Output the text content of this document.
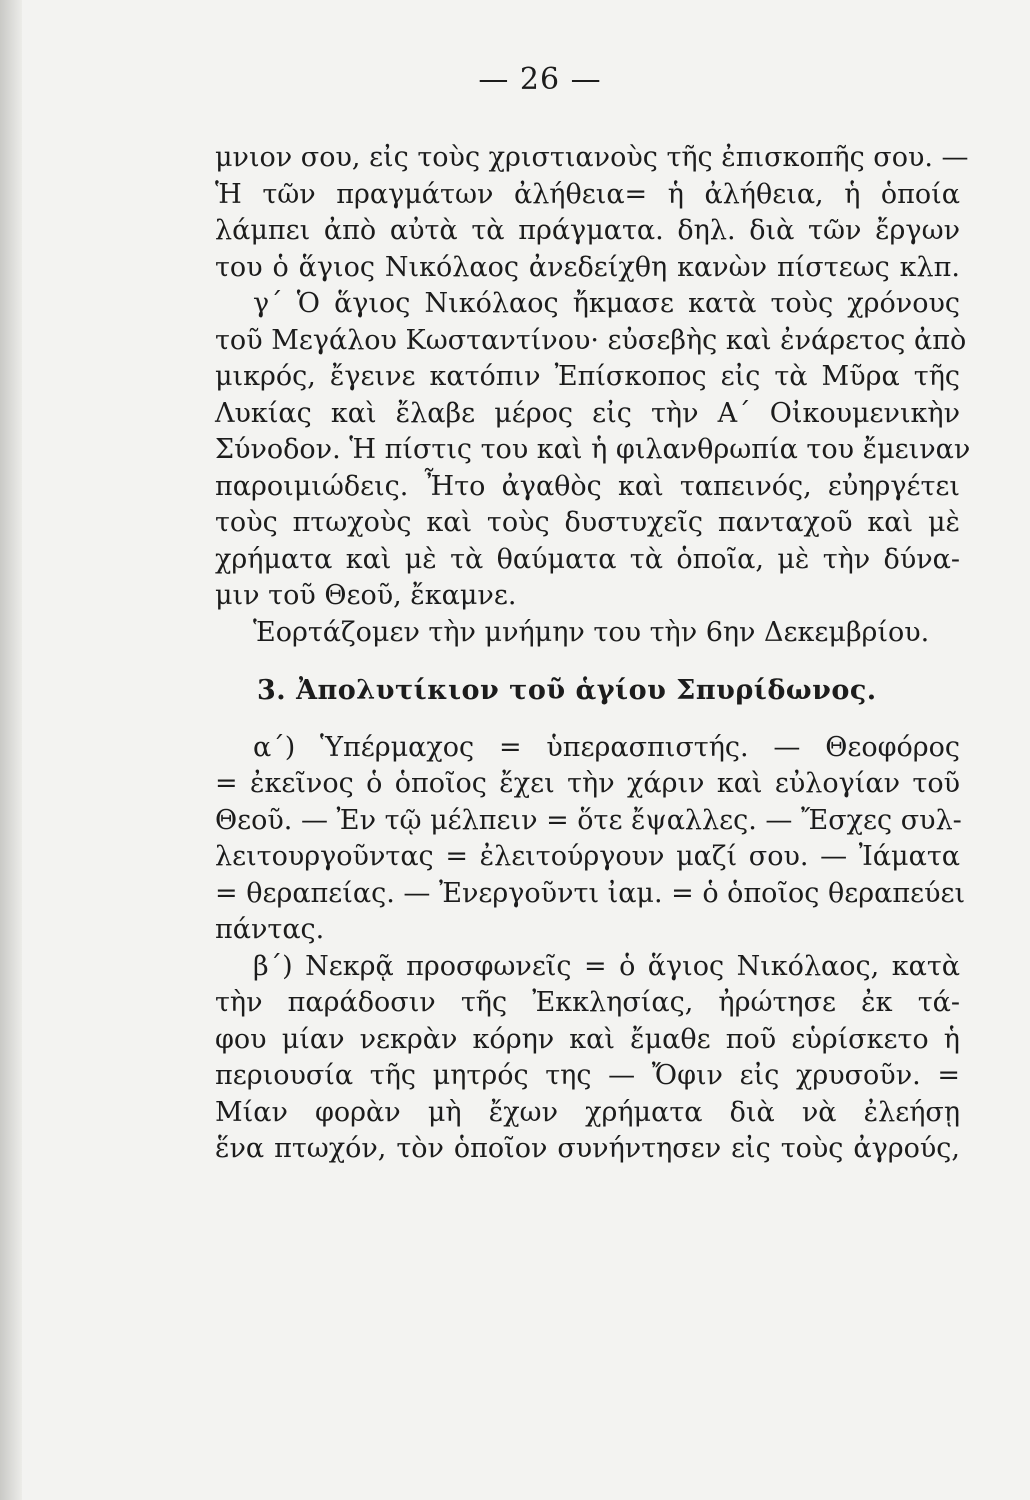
— 26 —
μνιον σου, εἰς τοὺς χριστιανοὺς τῆς ἐπισκοπῆς σου. —
Ἡ τῶν πραγμάτων ἀλήθεια= ἡ ἀλήθεια, ἡ ὁποία
λάμπει ἀπὸ αὐτὰ τὰ πράγματα. δηλ. διὰ τῶν ἔργων
του ὁ ἅγιος Νικόλαος ἀνεδείχθη κανὼν πίστεως κλπ.
γ΄ Ὁ ἅγιος Νικόλαος ἤκμασε κατὰ τοὺς χρόνους
τοῦ Μεγάλου Κωσταντίνου· εὐσεβὴς καὶ ἐνάρετος ἀπὸ
μικρός, ἔγεινε κατόπιν Ἐπίσκοπος εἰς τὰ Μῦρα τῆς
Λυκίας καὶ ἔλαβε μέρος εἰς τὴν Α΄ Οἰκουμενικὴν
Σύνοδον. Ἡ πίστις του καὶ ἡ φιλανθρωπία του ἔμειναν
παροιμιώδεις. Ἦτο ἀγαθὸς καὶ ταπεινός, εὐηργέτει
τοὺς πτωχοὺς καὶ τοὺς δυστυχεῖς πανταχοῦ καὶ μὲ
χρήματα καὶ μὲ τὰ θαύματα τὰ ὁποῖα, μὲ τὴν δύνα-
μιν τοῦ Θεοῦ, ἔκαμνε.
Ἑορτάζομεν τὴν μνήμην του τὴν 6ην Δεκεμβρίου.
3. Ἀπολυτίκιον τοῦ ἁγίου Σπυρίδωνος.
α΄) Ὑπέρμαχος = ὑπερασπιστής. — Θεοφόρος
= ἐκεῖνος ὁ ὁποῖος ἔχει τὴν χάριν καὶ εὐλογίαν τοῦ
Θεοῦ. — Ἐν τῷ μέλπειν = ὅτε ἔψαλλες. — Ἔσχες συλ-
λειτουργοῦντας = ἐλειτούργουν μαζί σου. — Ἰάματα
= θεραπείας. — Ἐνεργοῦντι ἰαμ. = ὁ ὁποῖος θεραπεύει
πάντας.
β΄) Νεκρᾷ προσφωνεῖς = ὁ ἅγιος Νικόλαος, κατὰ
τὴν παράδοσιν τῆς Ἐκκλησίας, ἠρώτησε ἐκ τά-
φου μίαν νεκρὰν κόρην καὶ ἔμαθε ποῦ εὑρίσκετο ἡ
περιουσία τῆς μητρός της — Ὄφιν εἰς χρυσοῦν. =
Μίαν φορὰν μὴ ἔχων χρήματα διὰ νὰ ἐλεήσῃ
ἕνα πτωχόν, τὸν ὁποῖον συνήντησεν εἰς τοὺς ἀγρούς,
